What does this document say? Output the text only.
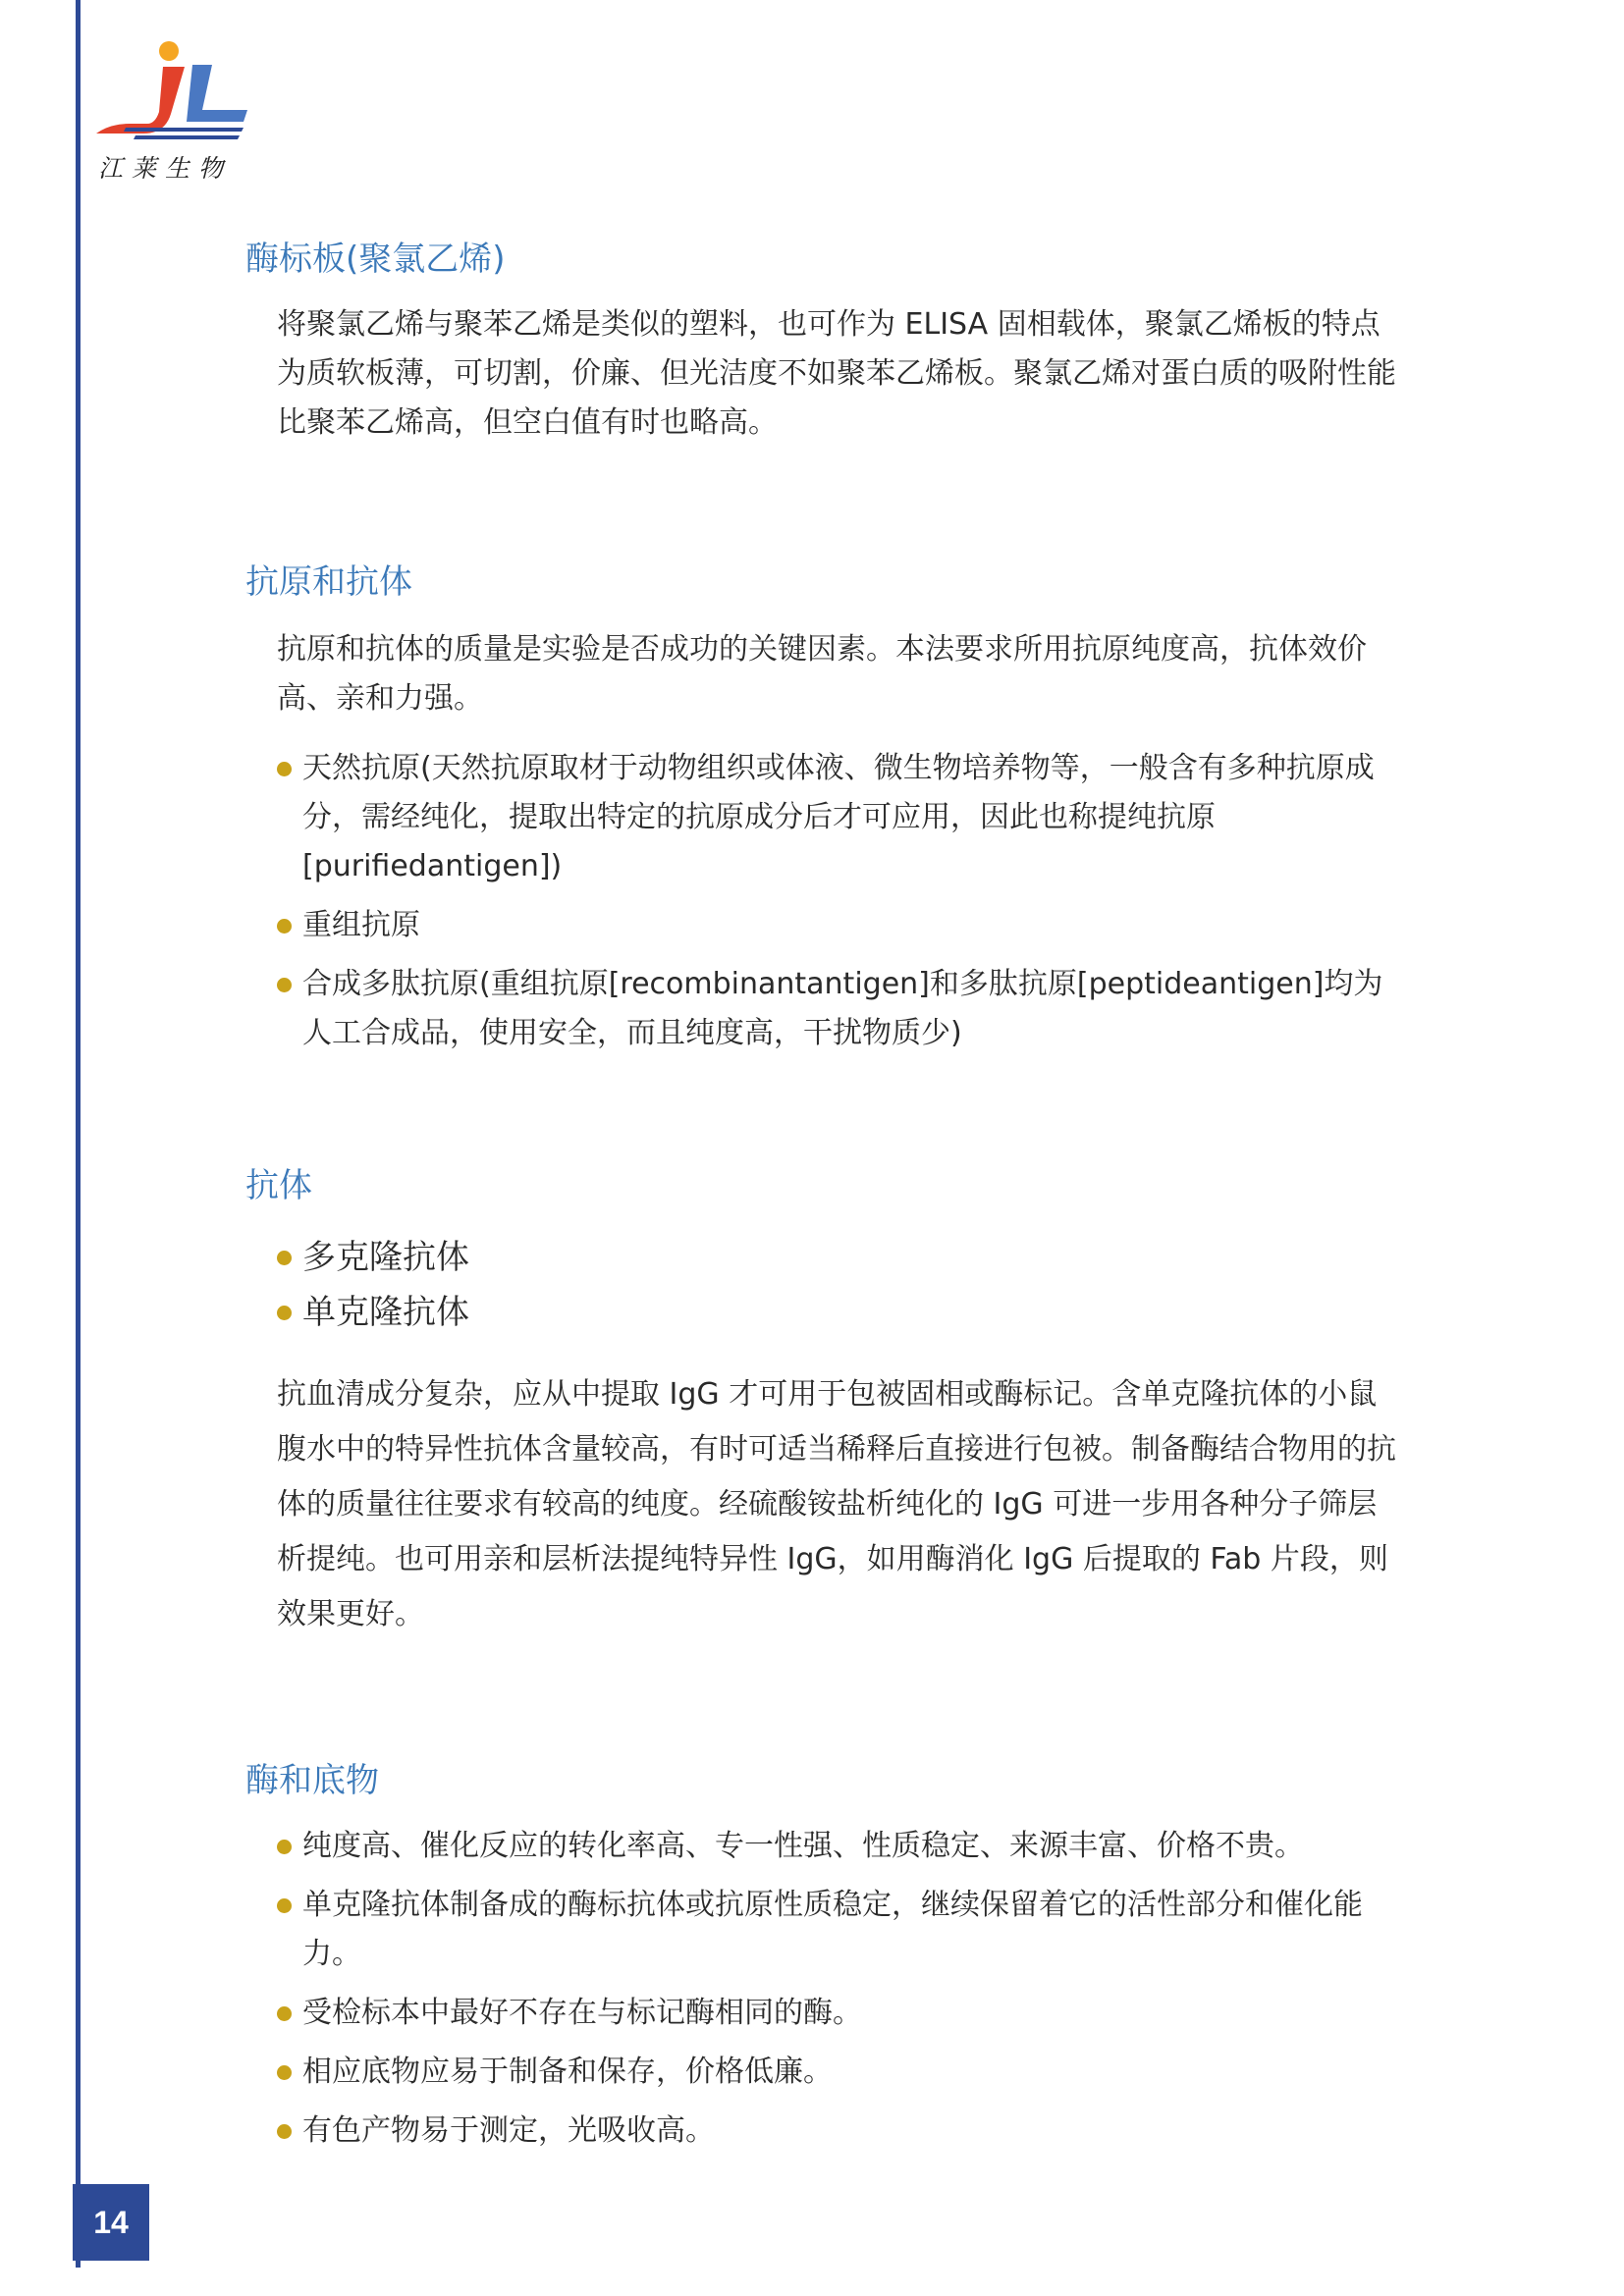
江莱生物
酶标板(聚氯乙烯)

将聚氯乙烯与聚苯乙烯是类似的塑料，也可作为 ELISA 固相载体，聚氯乙烯板的特点为质软板薄，可切割，价廉、但光洁度不如聚苯乙烯板。聚氯乙烯对蛋白质的吸附性能比聚苯乙烯高，但空白值有时也略高。

抗原和抗体

抗原和抗体的质量是实验是否成功的关键因素。本法要求所用抗原纯度高，抗体效价高、亲和力强。

天然抗原(天然抗原取材于动物组织或体液、微生物培养物等，一般含有多种抗原成分，需经纯化，提取出特定的抗原成分后才可应用，因此也称提纯抗原[purifiedantigen])
重组抗原
合成多肽抗原(重组抗原[recombinantantigen]和多肽抗原[peptideantigen]均为人工合成品，使用安全，而且纯度高，干扰物质少)
抗体
多克隆抗体
单克隆抗体

抗血清成分复杂，应从中提取 IgG 才可用于包被固相或酶标记。含单克隆抗体的小鼠腹水中的特异性抗体含量较高，有时可适当稀释后直接进行包被。制备酶结合物用的抗体的质量往往要求有较高的纯度。经硫酸铵盐析纯化的 IgG 可进一步用各种分子筛层析提纯。也可用亲和层析法提纯特异性 IgG，如用酶消化 IgG 后提取的 Fab 片段，则效果更好。

酶和底物
纯度高、催化反应的转化率高、专一性强、性质稳定、来源丰富、价格不贵。
单克隆抗体制备成的酶标抗体或抗原性质稳定，继续保留着它的活性部分和催化能力。
受检标本中最好不存在与标记酶相同的酶。
相应底物应易于制备和保存，价格低廉。
有色产物易于测定，光吸收高。
14
